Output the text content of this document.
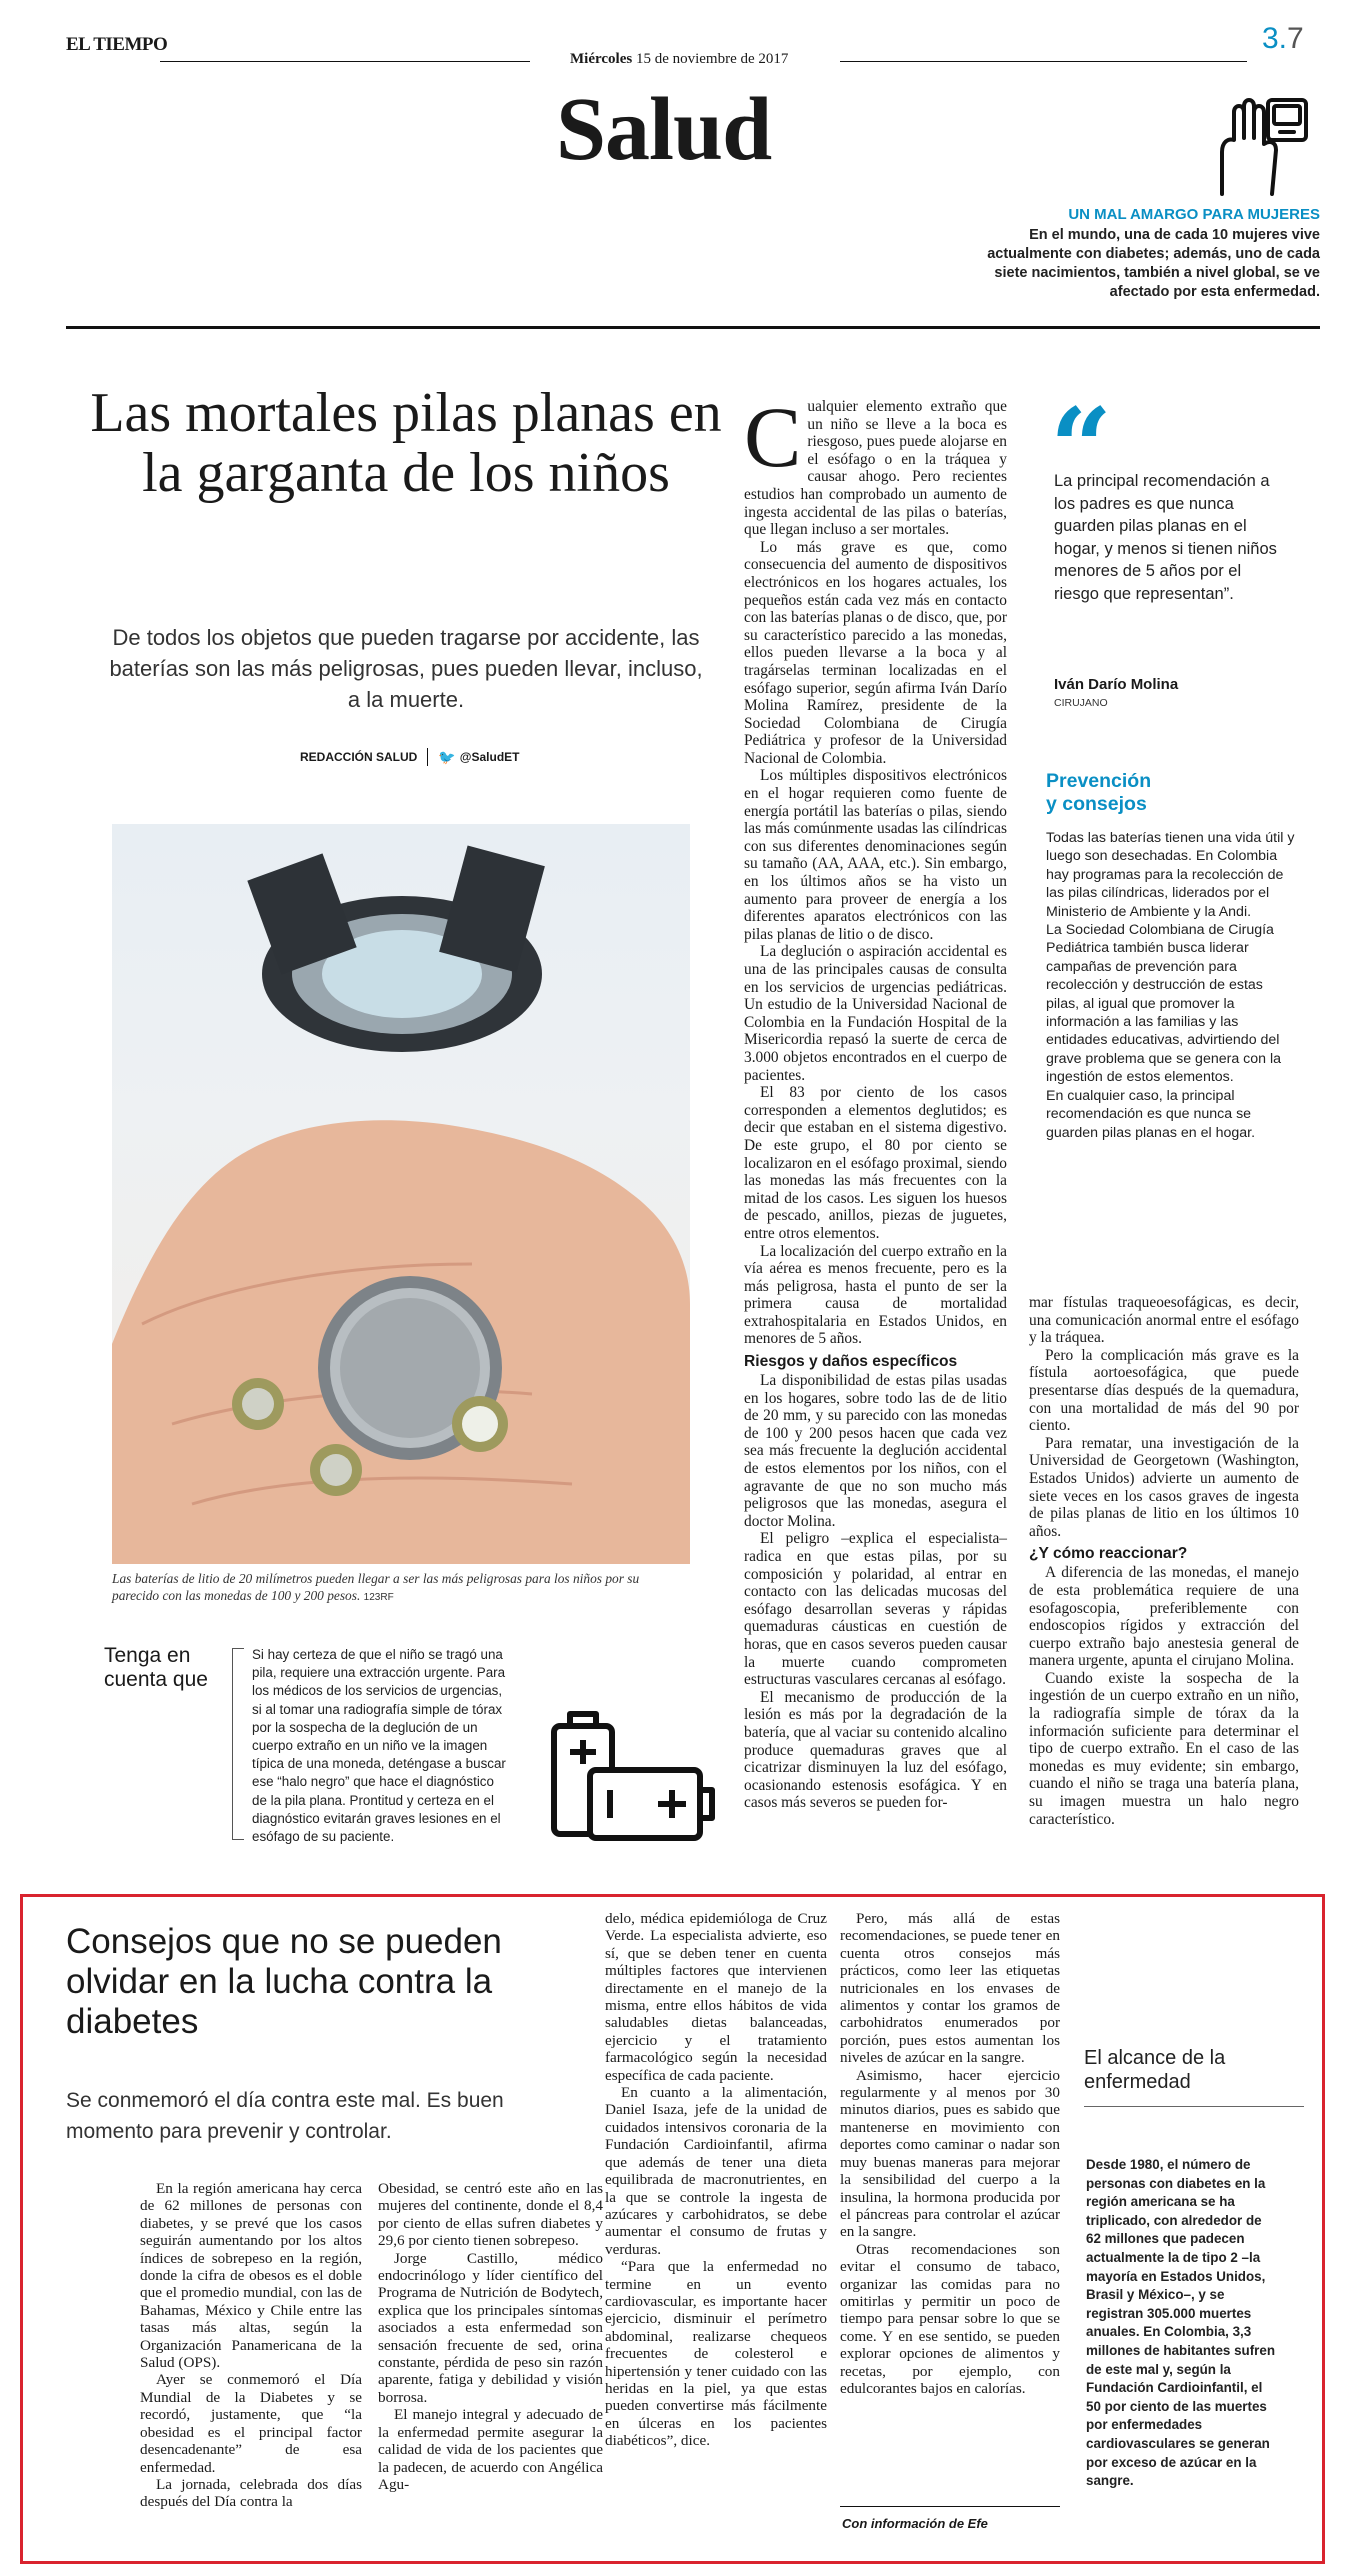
EL TIEMPO
Miércoles 15 de noviembre de 2017
3.7
Salud
UN MAL AMARGO PARA MUJERES
En el mundo, una de cada 10 mujeres vive actualmente con diabetes; además, uno de cada siete nacimientos, también a nivel global, se ve afectado por esta enfermedad.
Las mortales pilas planas en la garganta de los niños
De todos los objetos que pueden tragarse por accidente, las baterías son las más peligrosas, pues pueden llevar, incluso, a la muerte.
REDACCIÓN SALUD 🐦 @SaludET
Las baterías de litio de 20 milímetros pueden llegar a ser las más peligrosas para los niños por su parecido con las monedas de 100 y 200 pesos. 123RF
Tenga en
cuenta que
Si hay certeza de que el niño se tragó una pila, requiere una extracción urgente. Para los médicos de los servicios de urgencias, si al tomar una radiografía simple de tórax por la sospecha de la deglución de un cuerpo extraño en un niño ve la imagen típica de una moneda, deténgase a buscar ese “halo negro” que hace el diagnóstico de la pila plana. Prontitud y certeza en el diagnóstico evitarán graves lesiones en el esófago de su paciente.
C ualquier elemento extraño que un niño se lleve a la boca es riesgoso, pues puede alojarse en el esófago o en la tráquea y causar ahogo. Pero recientes estudios han comprobado un aumento de ingesta accidental de las pilas o baterías, que llegan incluso a ser mortales.

Lo más grave es que, como consecuencia del aumento de dispositivos electrónicos en los hogares actuales, los pequeños están cada vez más en contacto con las baterías planas o de disco, que, por su característico parecido a las monedas, ellos pueden llevarse a la boca y al tragárselas terminan localizadas en el esófago superior, según afirma Iván Darío Molina Ramírez, presidente de la Sociedad Colombiana de Cirugía Pediátrica y profesor de la Universidad Nacional de Colombia.

Los múltiples dispositivos electrónicos en el hogar requieren como fuente de energía portátil las baterías o pilas, siendo las más comúnmente usadas las cilíndricas con sus diferentes denominaciones según su tamaño (AA, AAA, etc.). Sin embargo, en los últimos años se ha visto un aumento para proveer de energía a los diferentes aparatos electrónicos con las pilas planas de litio o de disco.

La deglución o aspiración accidental es una de las principales causas de consulta en los servicios de urgencias pediátricas. Un estudio de la Universidad Nacional de Colombia en la Fundación Hospital de la Misericordia repasó la suerte de cerca de 3.000 objetos encontrados en el cuerpo de pacientes.

El 83 por ciento de los casos corresponden a elementos deglutidos; es decir que estaban en el sistema digestivo. De este grupo, el 80 por ciento se localizaron en el esófago proximal, siendo las monedas las más frecuentes con la mitad de los casos. Les siguen los huesos de pescado, anillos, piezas de juguetes, entre otros elementos.

La localización del cuerpo extraño en la vía aérea es menos frecuente, pero es la más peligrosa, hasta el punto de ser la primera causa de mortalidad extrahospitalaria en Estados Unidos, en menores de 5 años.

Riesgos y daños específicos

La disponibilidad de estas pilas usadas en los hogares, sobre todo las de de litio de 20 mm, y su parecido con las monedas de 100 y 200 pesos hacen que cada vez sea más frecuente la deglución accidental de estos elementos por los niños, con el agravante de que no son mucho más peligrosos que las monedas, asegura el doctor Molina.

El peligro –explica el especialista– radica en que estas pilas, por su composición y polaridad, al entrar en contacto con las delicadas mucosas del esófago desarrollan severas y rápidas quemaduras cáusticas en cuestión de horas, que en casos severos pueden causar la muerte cuando comprometen estructuras vasculares cercanas al esófago.

El mecanismo de producción de la lesión es más por la degradación de la batería, que al vaciar su contenido alcalino produce quemaduras graves que al cicatrizar disminuyen la luz del esófago, ocasionando estenosis esofágica. Y en casos más severos se pueden for-

“
La principal recomendación a los padres es que nunca guarden pilas planas en el hogar, y menos si tienen niños menores de 5 años por el riesgo que representan”.
Iván Darío Molina
CIRUJANO
Prevención
y consejos
Todas las baterías tienen una vida útil y luego son desechadas. En Colombia hay programas para la recolección de las pilas cilíndricas, liderados por el Ministerio de Ambiente y la Andi.
La Sociedad Colombiana de Cirugía Pediátrica también busca liderar campañas de prevención para recolección y destrucción de estas pilas, al igual que promover la información a las familias y las entidades educativas, advirtiendo del grave problema que se genera con la ingestión de estos elementos.
En cualquier caso, la principal recomendación es que nunca se guarden pilas planas en el hogar.

mar fístulas traqueoesofágicas, es decir, una comunicación anormal entre el esófago y la tráquea.

Pero la complicación más grave es la fístula aortoesofágica, que puede presentarse días después de la quemadura, con una mortalidad de más del 90 por ciento.

Para rematar, una investigación de la Universidad de Georgetown (Washington, Estados Unidos) advierte un aumento de siete veces en los casos graves de ingesta de pilas planas de litio en los últimos 10 años.

¿Y cómo reaccionar?

A diferencia de las monedas, el manejo de esta problemática requiere de una esofagoscopia, preferiblemente con endoscopios rígidos y extracción del cuerpo extraño bajo anestesia general de manera urgente, apunta el cirujano Molina.

Cuando existe la sospecha de la ingestión de un cuerpo extraño en un niño, la radiografía simple de tórax da la información suficiente para determinar el tipo de cuerpo extraño. En el caso de las monedas es muy evidente; sin embargo, cuando el niño se traga una batería plana, su imagen muestra un halo negro característico.

Consejos que no se pueden olvidar en la lucha contra la diabetes
Se conmemoró el día contra este mal. Es buen momento para prevenir y controlar.

En la región americana hay cerca de 62 millones de personas con diabetes, y se prevé que los casos seguirán aumentando por los altos índices de sobrepeso en la región, donde la cifra de obesos es el doble que el promedio mundial, con las de Bahamas, México y Chile entre las tasas más altas, según la Organización Panamericana de la Salud (OPS).

Ayer se conmemoró el Día Mundial de la Diabetes y se recordó, justamente, que “la obesidad es el principal factor desencadenante” de esa enfermedad.

La jornada, celebrada dos días después del Día contra la

Obesidad, se centró este año en las mujeres del continente, donde el 8,4 por ciento de ellas sufren diabetes y 29,6 por ciento tienen sobrepeso.

Jorge Castillo, médico endocrinólogo y líder científico del Programa de Nutrición de Bodytech, explica que los principales síntomas asociados a esta enfermedad son sensación frecuente de sed, orina constante, pérdida de peso sin razón aparente, fatiga y debilidad y visión borrosa.

El manejo integral y adecuado de la enfermedad permite asegurar la calidad de vida de los pacientes que la padecen, de acuerdo con Angélica Agu-

delo, médica epidemióloga de Cruz Verde. La especialista advierte, eso sí, que se deben tener en cuenta múltiples factores que intervienen directamente en el manejo de la misma, entre ellos hábitos de vida saludables dietas balanceadas, ejercicio y el tratamiento farmacológico según la necesidad específica de cada paciente.

En cuanto a la alimentación, Daniel Isaza, jefe de la unidad de cuidados intensivos coronaria de la Fundación Cardioinfantil, afirma que además de tener una dieta equilibrada de macronutrientes, en la que se controle la ingesta de azúcares y carbohidratos, se debe aumentar el consumo de frutas y verduras.

“Para que la enfermedad no termine en un evento cardiovascular, es importante hacer ejercicio, disminuir el perímetro abdominal, realizarse chequeos frecuentes de colesterol e hipertensión y tener cuidado con las heridas en la piel, ya que estas pueden convertirse más fácilmente en úlceras en los pacientes diabéticos”, dice.

Pero, más allá de estas recomendaciones, se puede tener en cuenta otros consejos más prácticos, como leer las etiquetas nutricionales en los envases de alimentos y contar los gramos de carbohidratos enumerados por porción, pues estos aumentan los niveles de azúcar en la sangre.

Asimismo, hacer ejercicio regularmente y al menos por 30 minutos diarios, pues es sabido que mantenerse en movimiento con deportes como caminar o nadar son muy buenas maneras para mejorar la sensibilidad del cuerpo a la insulina, la hormona producida por el páncreas para controlar el azúcar en la sangre.

Otras recomendaciones son evitar el consumo de tabaco, organizar las comidas para no omitirlas y permitir un poco de tiempo para pensar sobre lo que se come. Y en ese sentido, se pueden explorar opciones de alimentos y recetas, por ejemplo, con edulcorantes bajos en calorías.

Con información de Efe
El alcance de la enfermedad
Desde 1980, el número de personas con diabetes en la región americana se ha triplicado, con alrededor de 62 millones que padecen actualmente la de tipo 2 –la mayoría en Estados Unidos, Brasil y México–, y se registran 305.000 muertes anuales. En Colombia, 3,3 millones de habitantes sufren de este mal y, según la Fundación Cardioinfantil, el 50 por ciento de las muertes por enfermedades cardiovasculares se generan por exceso de azúcar en la sangre.
